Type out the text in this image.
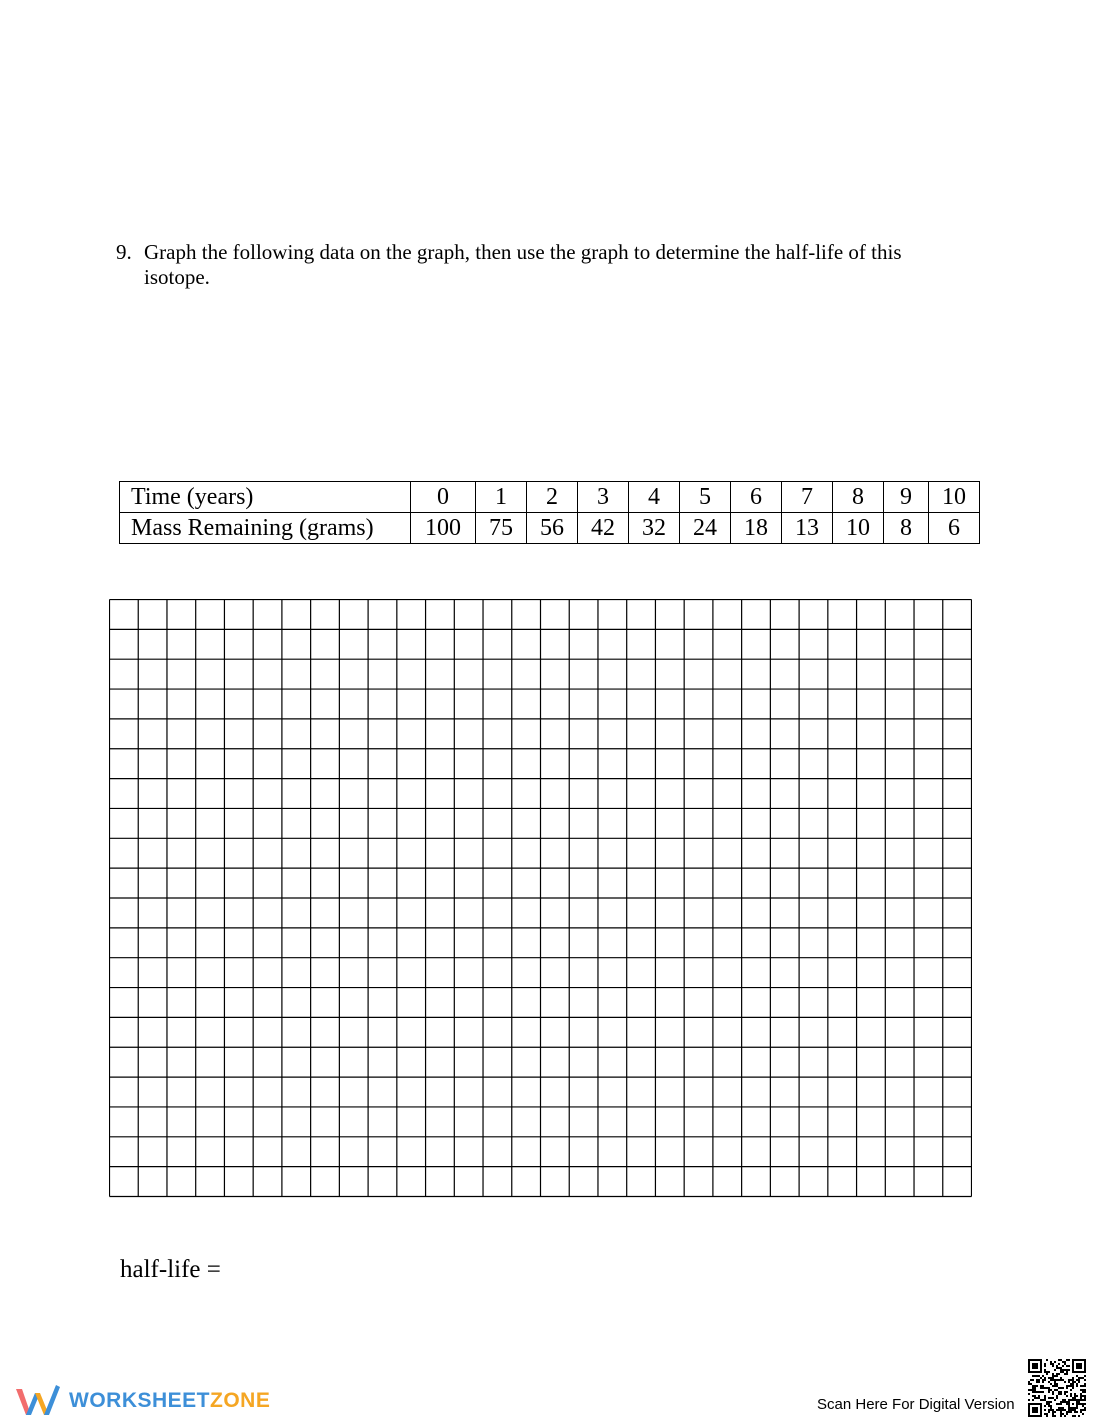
9. Graph the following data on the graph, then use the graph to determine the half-life of this
isotope.
Time (years)	0	1	2	3	4	5	6	7	8	9	10
Mass Remaining (grams)	100	75	56	42	32	24	18	13	10	8	6
half-life =
WORKSHEETZONE	Scan Here For Digital Version
